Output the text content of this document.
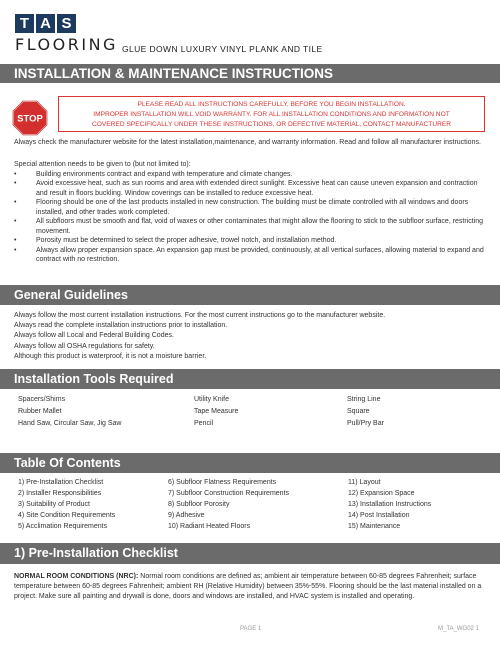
T A S
FLOORING GLUE DOWN LUXURY VINYL PLANK AND TILE
INSTALLATION & MAINTENANCE INSTRUCTIONS
STOP
PLEASE READ ALL INSTRUCTIONS CAREFULLY, BEFORE YOU BEGIN INSTALLATION.
IMPROPER INSTALLATION WILL VOID WARRANTY. FOR ALL INSTALLATION CONDITIONS AND INFORMATION NOT
COVERED SPECIFICALLY UNDER THESE INSTRUCTIONS, OR DEFECTIVE MATERIAL, CONTACT MANUFACTURER
Always check the manufacturer website for the latest installation,maintenance, and warranty information. Read and follow all manufacturer instructions.
Special attention needs to be given to (but not limited to):
• Building environments contract and expand with temperature and climate changes.
• Avoid excessive heat, such as sun rooms and area with extended direct sunlight. Excessive heat can cause uneven expansion and contraction and result in floors buckling. Window coverings can be installed to reduce excessive heat.
• Flooring should be one of the last products installed in new construction. The building must be climate controlled with all windows and doors installed, and other trades work completed.
• All subfloors must be smooth and flat, void of waxes or other contaminates that might allow the flooring to stick to the subfloor surface, restricting movement.
• Porosity must be determined to select the proper adhesive, trowel notch, and installation method.
• Always allow proper expansion space. An expansion gap must be provided, continuously, at all vertical surfaces, allowing material to expand and contract with no restriction.
General Guidelines
Always follow the most current installation instructions. For the most current instructions go to the manufacturer website.
Always read the complete installation instructions prior to installation.
Always follow all Local and Federal Building Codes.
Always follow all OSHA regulations for safety.
Although this product is waterproof, it is not a moisture barrier.
Installation Tools Required
Spacers/Shims
Rubber Mallet
Hand Saw, Circular Saw, Jig Saw
Utility Knife
Tape Measure
Pencil
String Line
Square
Pull/Pry Bar
Table Of Contents
1) Pre-Installation Checklist
2) Installer Responsibilities
3) Suitability of Product
4) Site Condition Requirements
5) Acclimation Requirements
6) Subfloor Flatness Requirements
7) Subfloor Construction Requirements
8) Subfloor Porosity
9) Adhesive
10) Radiant Heated Floors
11) Layout
12) Expansion Space
13) Installation Instructions
14) Post Installation
15) Maintenance
1) Pre-Installation Checklist
NORMAL ROOM CONDITIONS (NRC): Normal room conditions are defined as; ambient air temperature between 60-85 degrees Fahrenheit; surface temperature between 60-85 degrees Fahrenheit; ambient RH (Relative Humidity) between 35%-55%. Flooring should be the last material installed on a project. Make sure all painting and drywall is done, doors and windows are installed, and HVAC system is installed and operating.
PAGE 1	M_TA_WG02 1
